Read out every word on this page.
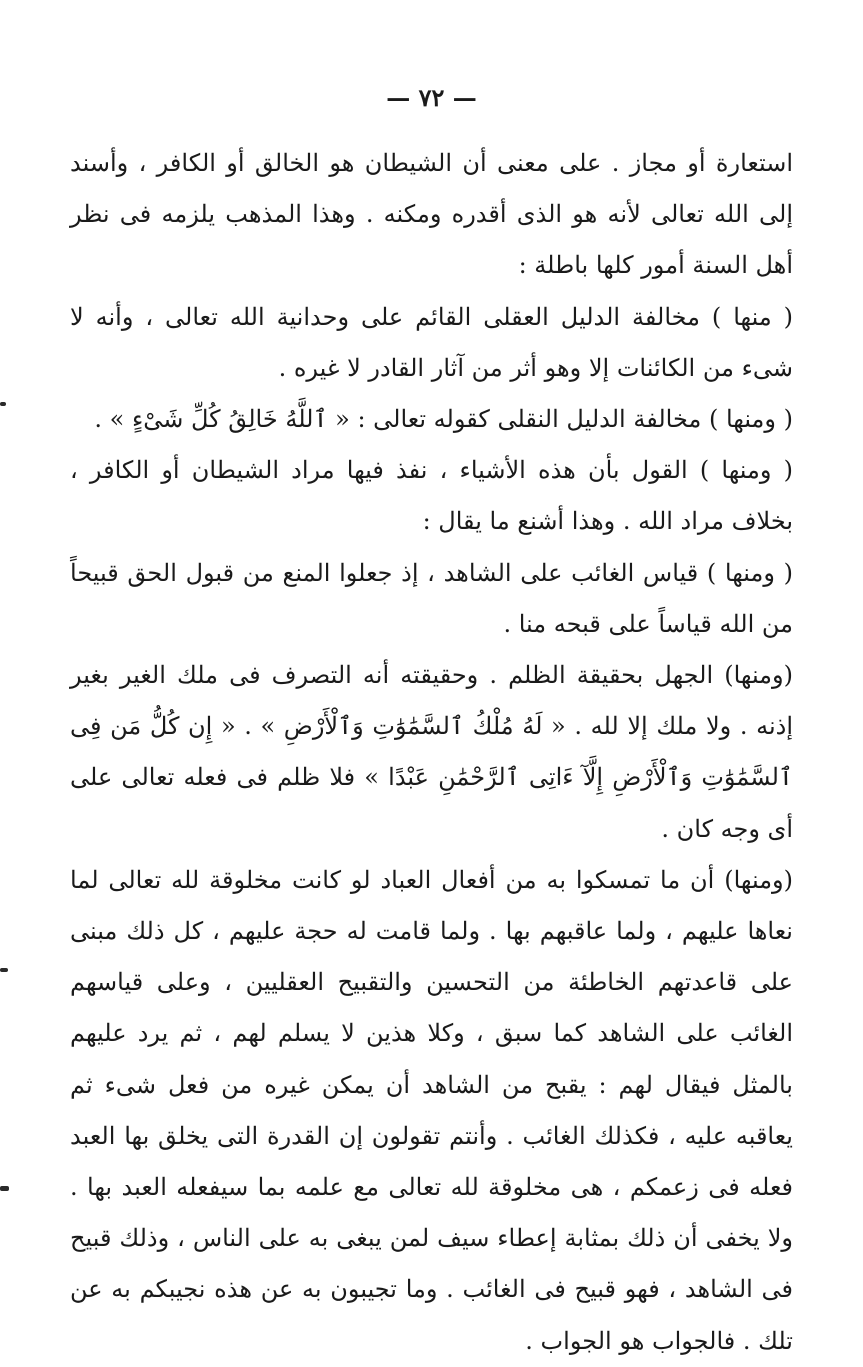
— ٧٢ —

استعارة أو مجاز . على معنى أن الشيطان هو الخالق أو الكافر ، وأسند إلى الله تعالى لأنه هو الذى أقدره ومكنه . وهذا المذهب يلزمه فى نظر أهل السنة أمور كلها باطلة :

( منها ) مخالفة الدليل العقلى القائم على وحدانية الله تعالى ، وأنه لا شىء من الكائنات إلا وهو أثر من آثار القادر لا غيره .

( ومنها ) مخالفة الدليل النقلى كقوله تعالى : « ٱللَّهُ خَالِقُ كُلِّ شَىْءٍ » .

( ومنها ) القول بأن هذه الأشياء ، نفذ فيها مراد الشيطان أو الكافر ، بخلاف مراد الله . وهذا أشنع ما يقال :

( ومنها ) قياس الغائب على الشاهد ، إذ جعلوا المنع من قبول الحق قبيحاً من الله قياساً على قبحه منا .

(ومنها) الجهل بحقيقة الظلم . وحقيقته أنه التصرف فى ملك الغير بغير إذنه . ولا ملك إلا لله . « لَهُ مُلْكُ ٱلسَّمَٰوَٰتِ وَٱلْأَرْضِ » . « إِن كُلُّ مَن فِى ٱلسَّمَٰوَٰتِ وَٱلْأَرْضِ إِلَّآ ءَاتِى ٱلرَّحْمَٰنِ عَبْدًا » فلا ظلم فى فعله تعالى على أى وجه كان .

(ومنها) أن ما تمسكوا به من أفعال العباد لو كانت مخلوقة لله تعالى لما نعاها عليهم ، ولما عاقبهم بها . ولما قامت له حجة عليهم ، كل ذلك مبنى على قاعدتهم الخاطئة من التحسين والتقبيح العقليين ، وعلى قياسهم الغائب على الشاهد كما سبق ، وكلا هذين لا يسلم لهم ، ثم يرد عليهم بالمثل فيقال لهم : يقبح من الشاهد أن يمكن غيره من فعل شىء ثم يعاقبه عليه ، فكذلك الغائب . وأنتم تقولون إن القدرة التى يخلق بها العبد فعله فى زعمكم ، هى مخلوقة لله تعالى مع علمه بما سيفعله العبد بها . ولا يخفى أن ذلك بمثابة إعطاء سيف لمن يبغى به على الناس ، وذلك قبيح فى الشاهد ، فهو قبيح فى الغائب . وما تجيبون به عن هذه نجيبكم به عن تلك . فالجواب هو الجواب .
